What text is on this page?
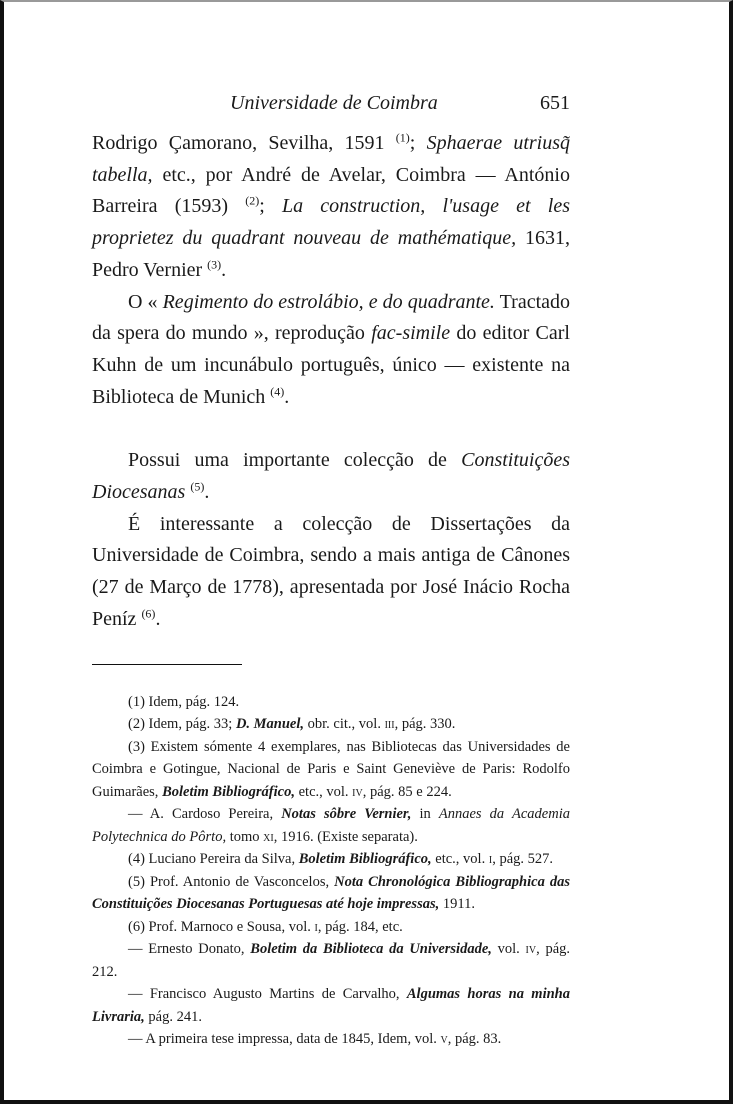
Universidade de Coimbra	651

Rodrigo Çamorano, Sevilha, 1591 $^{(1)}$; Sphaerae utriusq̃ tabella, etc., por André de Avelar, Coimbra — António Barreira (1593) $^{(2)}$; La construction, l'usage et les proprietez du quadrant nouveau de mathématique, 1631, Pedro Vernier $^{(3)}$.

O « Regimento do estrolábio, e do quadrante. Tractado da spera do mundo », reprodução fac-simile do editor Carl Kuhn de um incunábulo português, único — existente na Biblioteca de Munich $^{(4)}$.

Possui uma importante colecção de Constituições Diocesanas $^{(5)}$.

É interessante a colecção de Dissertações da Universidade de Coimbra, sendo a mais antiga de Cânones (27 de Março de 1778), apresentada por José Inácio Rocha Peníz $^{(6)}$.

(1) Idem, pág. 124.

(2) Idem, pág. 33; D. Manuel, obr. cit., vol. iii, pág. 330.

(3) Existem sómente 4 exemplares, nas Bibliotecas das Universidades de Coimbra e Gotingue, Nacional de Paris e Saint Geneviève de Paris: Rodolfo Guimarães, Boletim Bibliográfico, etc., vol. iv, pág. 85 e 224.

— A. Cardoso Pereira, Notas sôbre Vernier, in Annaes da Academia Polytechnica do Pôrto, tomo xi, 1916. (Existe separata).

(4) Luciano Pereira da Silva, Boletim Bibliográfico, etc., vol. i, pág. 527.

(5) Prof. Antonio de Vasconcelos, Nota Chronológica Bibliographica das Constituições Diocesanas Portuguesas até hoje impressas, 1911.

(6) Prof. Marnoco e Sousa, vol. i, pág. 184, etc.

— Ernesto Donato, Boletim da Biblioteca da Universidade, vol. iv, pág. 212.

— Francisco Augusto Martins de Carvalho, Algumas horas na minha Livraria, pág. 241.

— A primeira tese impressa, data de 1845, Idem, vol. v, pág. 83.
